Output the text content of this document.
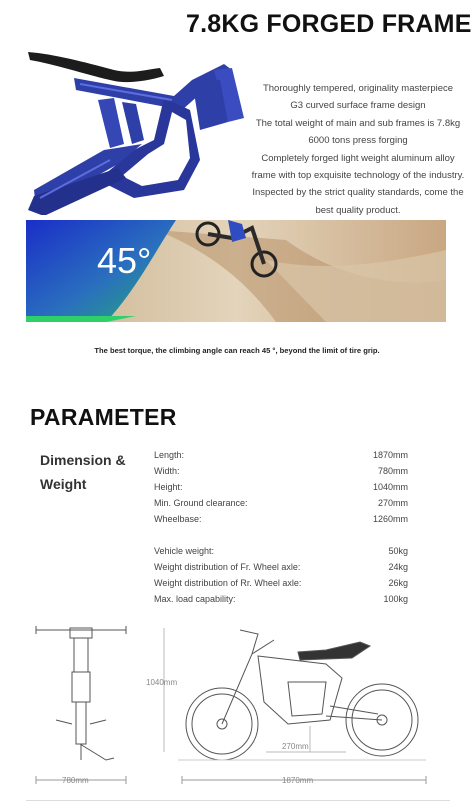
7.8KG FORGED FRAME
Thoroughly tempered, originality masterpiece
G3 curved surface frame design
The total weight of main and sub frames is 7.8kg
6000 tons press forging
Completely forged light weight aluminum alloy
frame with top exquisite technology of the industry.
Inspected by the strict quality standards, come the
best quality product.
45°
The best torque, the climbing angle can reach 45 °, beyond the limit of tire grip.
PARAMETER
Dimension &
Weight
Length:	1870mm
Width:	780mm
Height:	1040mm
Min. Ground clearance:	270mm
Wheelbase:	1260mm
Vehicle weight:	50kg
Weight distribution of Fr. Wheel axle:	24kg
Weight distribution of Rr. Wheel axle:	26kg
Max. load capability:	100kg
780mm
1040mm
270mm
1870mm
